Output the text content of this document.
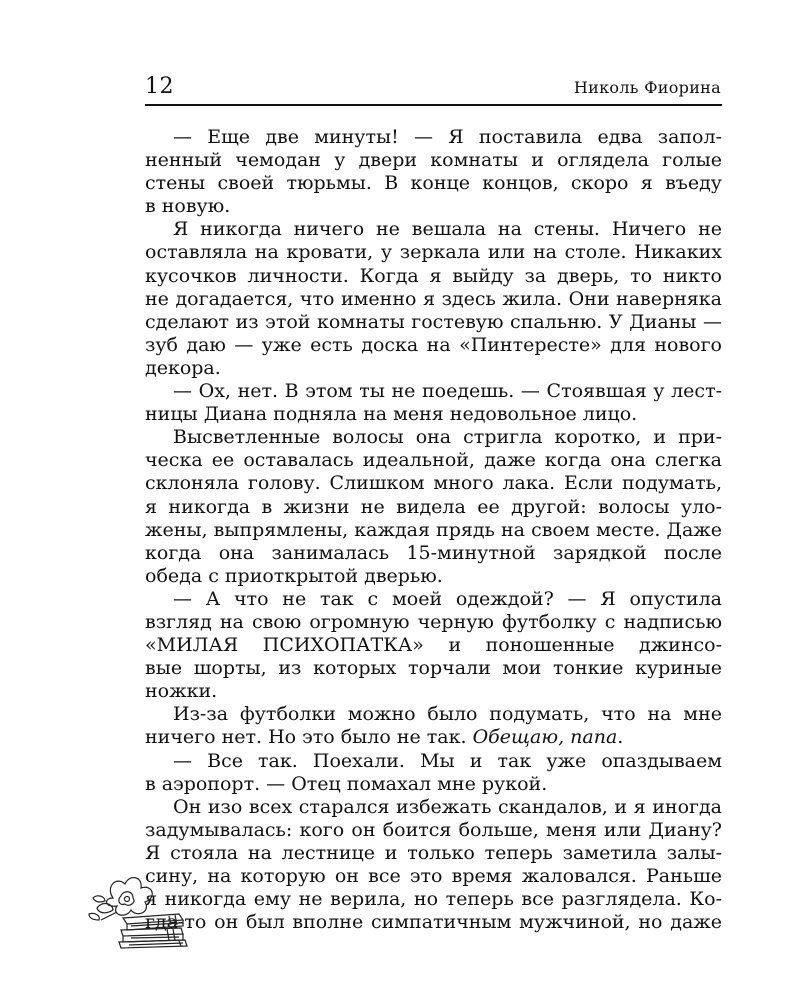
12	Николь Фиорина
— Еще две минуты! — Я поставила едва запол-
ненный чемодан у двери комнаты и оглядела голые
стены своей тюрьмы. В конце концов, скоро я въеду
в новую.
Я никогда ничего не вешала на стены. Ничего не
оставляла на кровати, у зеркала или на столе. Никаких
кусочков личности. Когда я выйду за дверь, то никто
не догадается, что именно я здесь жила. Они наверняка
сделают из этой комнаты гостевую спальню. У Дианы —
зуб даю — уже есть доска на «Пинтересте» для нового
декора.
— Ох, нет. В этом ты не поедешь. — Стоявшая у лест-
ницы Диана подняла на меня недовольное лицо.
Высветленные волосы она стригла коротко, и при-
ческа ее оставалась идеальной, даже когда она слегка
склоняла голову. Слишком много лака. Если подумать,
я никогда в жизни не видела ее другой: волосы уло-
жены, выпрямлены, каждая прядь на своем месте. Даже
когда она занималась 15-минутной зарядкой после
обеда с приоткрытой дверью.
— А что не так с моей одеждой? — Я опустила
взгляд на свою огромную черную футболку с надписью
«МИЛАЯ ПСИХОПАТКА» и поношенные джинсо-
вые шорты, из которых торчали мои тонкие куриные
ножки.
Из-за футболки можно было подумать, что на мне
ничего нет. Но это было не так. Обещаю, папа.
— Все так. Поехали. Мы и так уже опаздываем
в аэропорт. — Отец помахал мне рукой.
Он изо всех старался избежать скандалов, и я иногда
задумывалась: кого он боится больше, меня или Диану?
Я стояла на лестнице и только теперь заметила залы-
сину, на которую он все это время жаловался. Раньше
я никогда ему не верила, но теперь все разглядела. Ко-
гда-то он был вполне симпатичным мужчиной, но даже
